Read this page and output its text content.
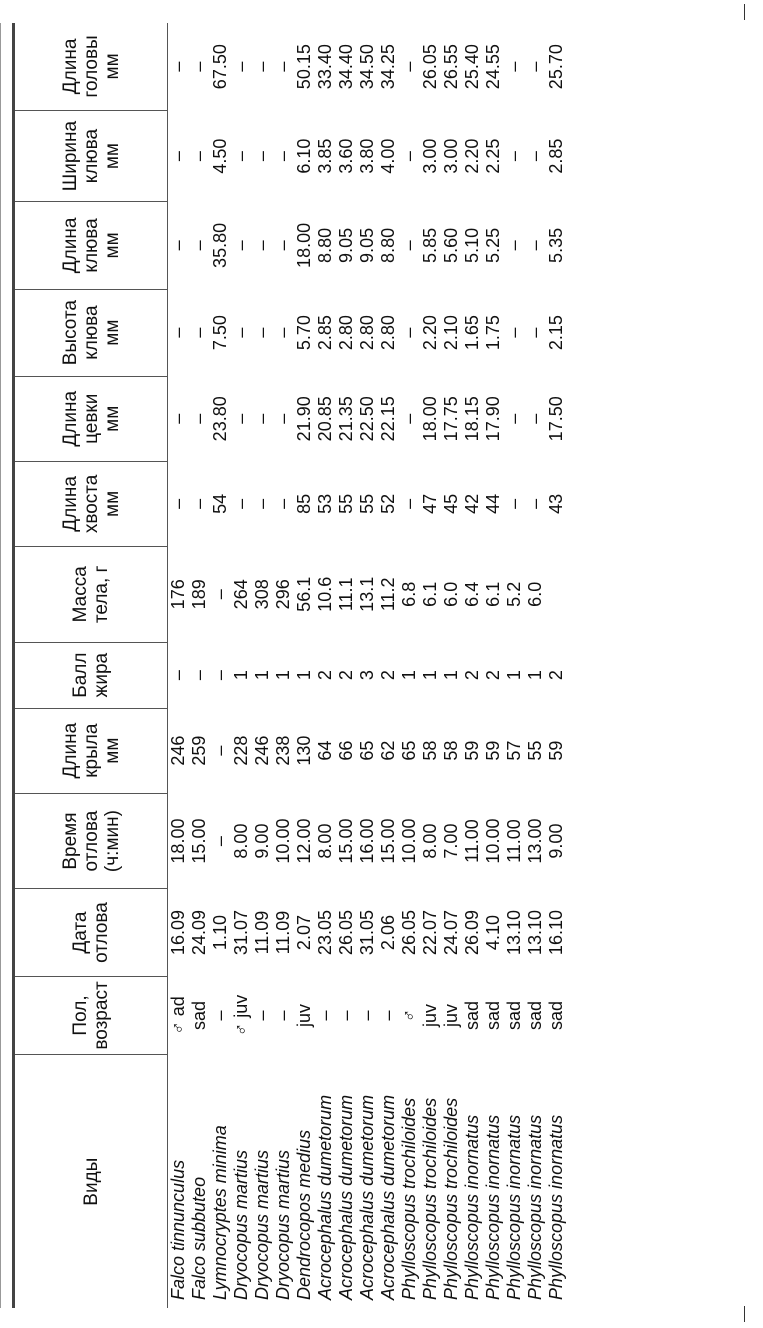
Виды	Пол, возраст	Дата отлова	Время отлова (ч:мин)	Длина крыла мм	Балл жира	Масса тела, г	Длина хвоста мм	Длина цевки мм	Высота клюва мм	Длина клюва мм	Ширина клюва мм	Длина головы мм
Falco tinnunculus	♂ ad	16.09	18.00	246	–	176	–	–	–	–	–	–
Falco subbuteo	sad	24.09	15.00	259	–	189	–	–	–	–	–	–
Lymnocryptes minima	–	1.10	–	–	–	–	54	23.80	7.50	35.80	4.50	67.50
Dryocopus martius	♂ juv	31.07	8.00	228	1	264	–	–	–	–	–	–
Dryocopus martius	–	11.09	9.00	246	1	308	–	–	–	–	–	–
Dryocopus martius	–	11.09	10.00	238	1	296	–	–	–	–	–	–
Dendrocopos medius	juv	2.07	12.00	130	1	56.1	85	21.90	5.70	18.00	6.10	50.15
Acrocephalus dumetorum	–	23.05	8.00	64	2	10.6	53	20.85	2.85	8.80	3.85	33.40
Acrocephalus dumetorum	–	26.05	15.00	66	2	11.1	55	21.35	2.80	9.05	3.60	34.40
Acrocephalus dumetorum	–	31.05	16.00	65	3	13.1	55	22.50	2.80	9.05	3.80	34.50
Acrocephalus dumetorum	–	2.06	15.00	62	2	11.2	52	22.15	2.80	8.80	4.00	34.25
Phylloscopus trochiloides	♂	26.05	10.00	65	1	6.8	–	–	–	–	–	–
Phylloscopus trochiloides	juv	22.07	8.00	58	1	6.1	47	18.00	2.20	5.85	3.00	26.05
Phylloscopus trochiloides	juv	24.07	7.00	58	1	6.0	45	17.75	2.10	5.60	3.00	26.55
Phylloscopus inornatus	sad	26.09	11.00	59	2	6.4	42	18.15	1.65	5.10	2.20	25.40
Phylloscopus inornatus	sad	4.10	10.00	59	2	6.1	44	17.90	1.75	5.25	2.25	24.55
Phylloscopus inornatus	sad	13.10	11.00	57	1	5.2	–	–	–	–	–	–
Phylloscopus inornatus	sad	13.10	13.00	55	1	6.0	–	–	–	–	–	–
Phylloscopus inornatus	sad	16.10	9.00	59	2		43	17.50	2.15	5.35	2.85	25.70
